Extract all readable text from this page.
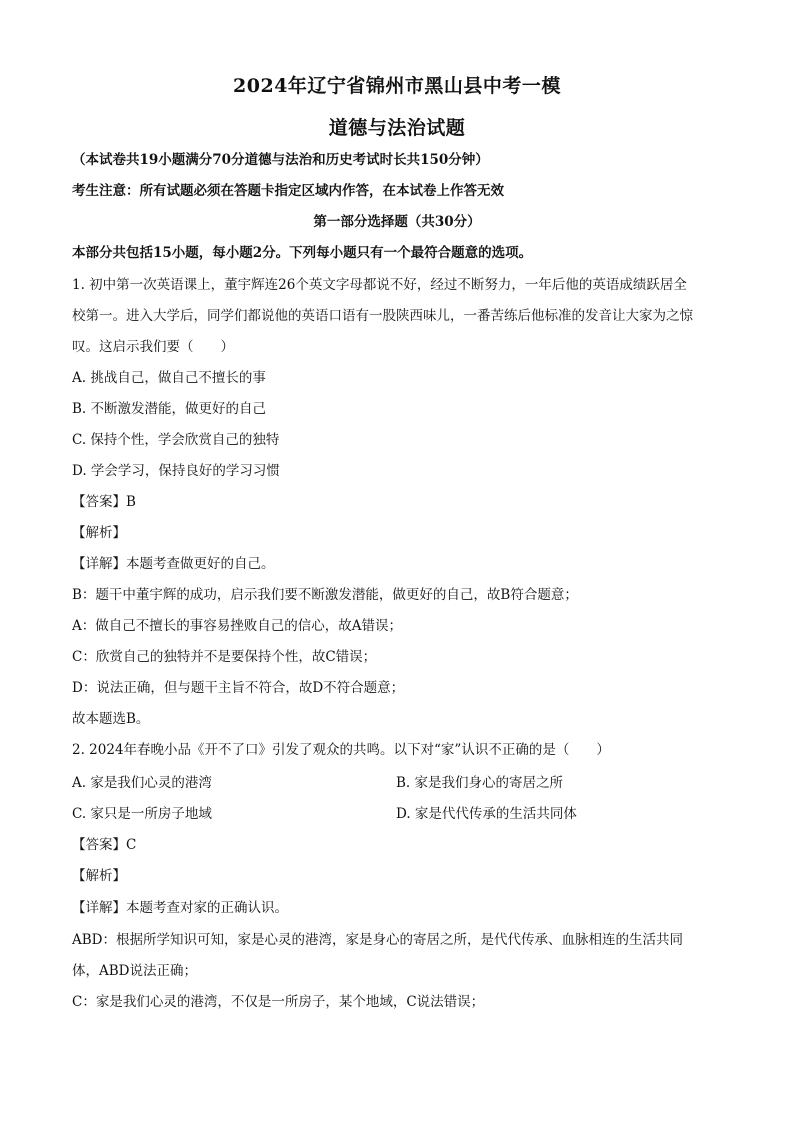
2024年辽宁省锦州市黑山县中考一模
道德与法治试题
（本试卷共19小题满分70分道德与法治和历史考试时长共150分钟）
考生注意：所有试题必须在答题卡指定区域内作答，在本试卷上作答无效
第一部分选择题（共30分）
本部分共包括15小题，每小题2分。下列每小题只有一个最符合题意的选项。
1. 初中第一次英语课上，董宇辉连26个英文字母都说不好，经过不断努力，一年后他的英语成绩跃居全
校第一。进入大学后，同学们都说他的英语口语有一股陕西味儿，一番苦练后他标准的发音让大家为之惊
叹。这启示我们要（　　）
A. 挑战自己，做自己不擅长的事
B. 不断激发潜能，做更好的自己
C. 保持个性，学会欣赏自己的独特
D. 学会学习，保持良好的学习习惯
【答案】B
【解析】
【详解】本题考查做更好的自己。
B：题干中董宇辉的成功，启示我们要不断激发潜能，做更好的自己，故B符合题意；
A：做自己不擅长的事容易挫败自己的信心，故A错误；
C：欣赏自己的独特并不是要保持个性，故C错误；
D：说法正确，但与题干主旨不符合，故D不符合题意；
故本题选B。
2. 2024年春晚小品《开不了口》引发了观众的共鸣。以下对“家”认识不正确的是（　　）
A. 家是我们心灵的港湾	B. 家是我们身心的寄居之所
C. 家只是一所房子地域	D. 家是代代传承的生活共同体
【答案】C
【解析】
【详解】本题考查对家的正确认识。
ABD：根据所学知识可知，家是心灵的港湾，家是身心的寄居之所，是代代传承、血脉相连的生活共同
体，ABD说法正确；
C：家是我们心灵的港湾，不仅是一所房子，某个地域，C说法错误；
